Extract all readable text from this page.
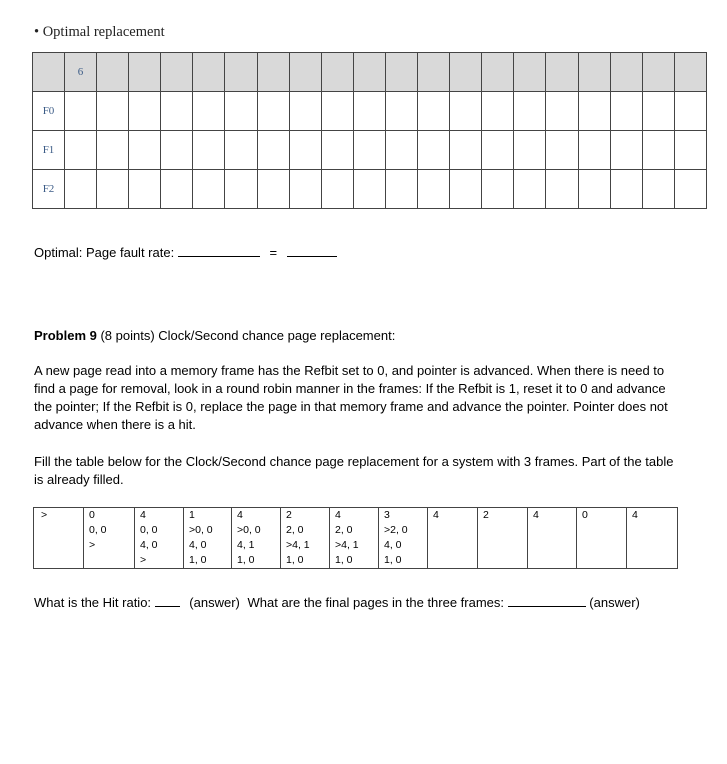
• Optimal replacement
	6																			
F0																				
F1																				
F2																				
Optimal: Page fault rate:	=
Problem 9 (8 points) Clock/Second chance page replacement:

A new page read into a memory frame has the Refbit set to 0, and pointer is advanced. When there is need to find a page for removal, look in a round robin manner in the frames: If the Refbit is 1, reset it to 0 and advance the pointer; If the Refbit is 0, replace the page in that memory frame and advance the pointer. Pointer does not advance when there is a hit.

Fill the table below for the Clock/Second chance page replacement for a system with 3 frames. Part of the table is already filled.

>	0	4	1	4	2	4	3	4	2	4	0	4
	0, 0	0, 0	>0, 0	>0, 0	2, 0	2, 0	>2, 0					
	>	4, 0	4, 0	4, 1	>4, 1	>4, 1	4, 0					
		>	1, 0	1, 0	1, 0	1, 0	1, 0					
What is the Hit ratio:	(answer) What are the final pages in the three frames:	(answer)
